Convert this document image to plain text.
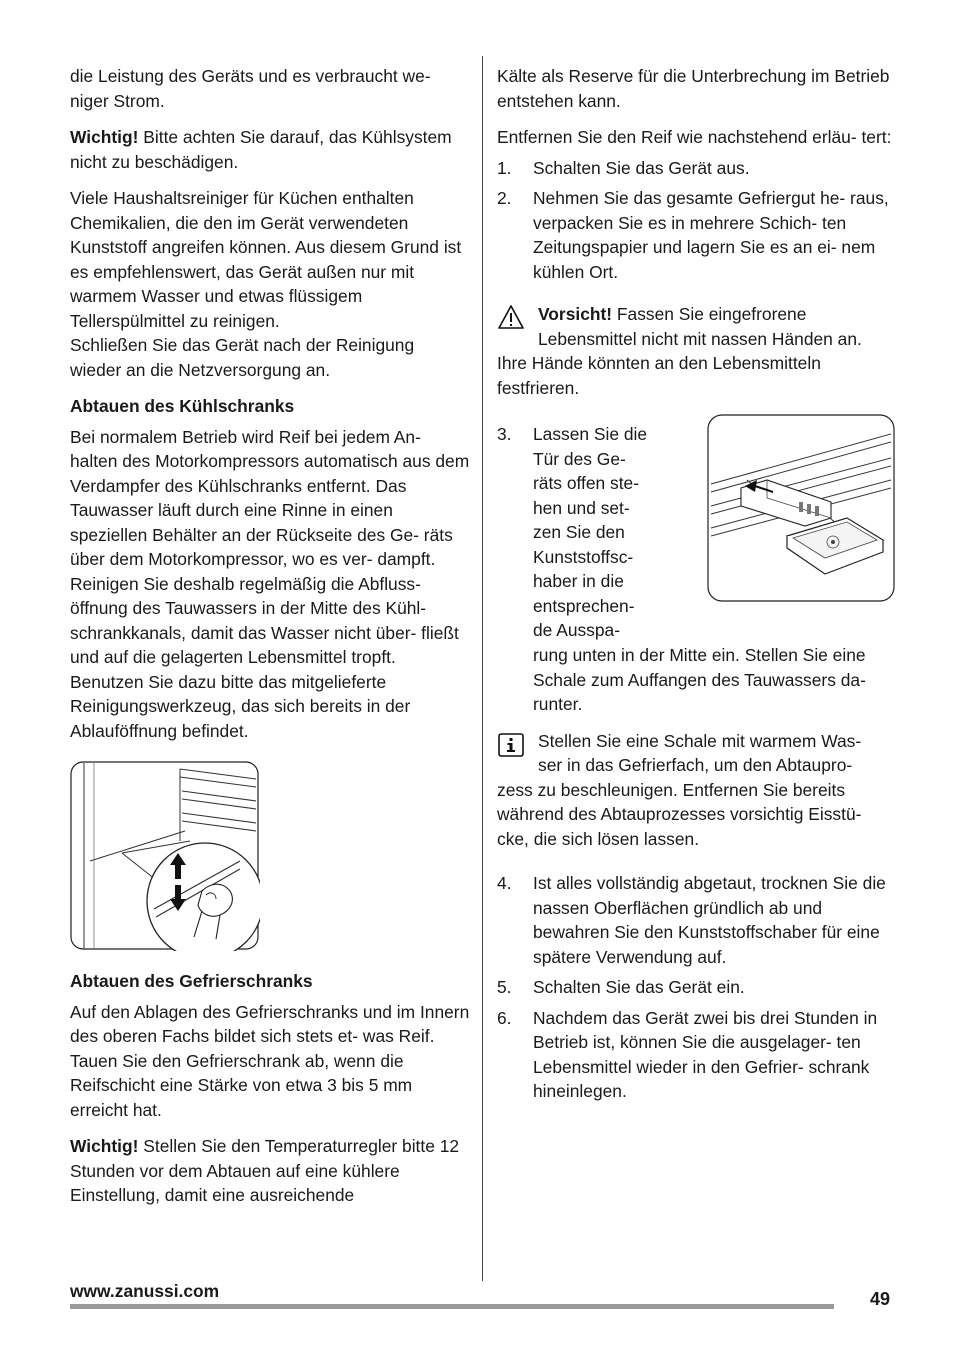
die Leistung des Geräts und es verbraucht we- niger Strom.

Wichtig! Bitte achten Sie darauf, das Kühlsystem nicht zu beschädigen.

Viele Haushaltsreiniger für Küchen enthalten Chemikalien, die den im Gerät verwendeten Kunststoff angreifen können. Aus diesem Grund ist es empfehlenswert, das Gerät außen nur mit warmem Wasser und etwas flüssigem Tellerspülmittel zu reinigen.

Schließen Sie das Gerät nach der Reinigung wieder an die Netzversorgung an.

Abtauen des Kühlschranks

Bei normalem Betrieb wird Reif bei jedem An- halten des Motorkompressors automatisch aus dem Verdampfer des Kühlschranks entfernt. Das Tauwasser läuft durch eine Rinne in einen speziellen Behälter an der Rückseite des Ge- räts über dem Motorkompressor, wo es ver- dampft.

Reinigen Sie deshalb regelmäßig die Abfluss- öffnung des Tauwassers in der Mitte des Kühl- schrankkanals, damit das Wasser nicht über- fließt und auf die gelagerten Lebensmittel tropft. Benutzen Sie dazu bitte das mitgelieferte Reinigungswerkzeug, das sich bereits in der Ablauföffnung befindet.

Abtauen des Gefrierschranks

Auf den Ablagen des Gefrierschranks und im Innern des oberen Fachs bildet sich stets et- was Reif.

Tauen Sie den Gefrierschrank ab, wenn die Reifschicht eine Stärke von etwa 3 bis 5 mm erreicht hat.

Wichtig! Stellen Sie den Temperaturregler bitte 12 Stunden vor dem Abtauen auf eine kühlere Einstellung, damit eine ausreichende

Kälte als Reserve für die Unterbrechung im Betrieb entstehen kann.

Entfernen Sie den Reif wie nachstehend erläu- tert:

1.	Schalten Sie das Gerät aus.
2.	Nehmen Sie das gesamte Gefriergut he- raus, verpacken Sie es in mehrere Schich- ten Zeitungspapier und lagern Sie es an ei- nem kühlen Ort.

Vorsicht! Fassen Sie eingefrorene

Lebensmittel nicht mit nassen Händen an.

Ihre Hände könnten an den Lebensmitteln festfrieren.

3. Lassen Sie die
Tür des Ge-
räts offen ste-
hen und set-
zen Sie den
Kunststoffsc-
haber in die
entsprechen-
de Ausspa-

rung unten in der Mitte ein. Stellen Sie eine Schale zum Auffangen des Tauwassers da- runter.

Stellen Sie eine Schale mit warmem Was-

ser in das Gefrierfach, um den Abtaupro-

zess zu beschleunigen. Entfernen Sie bereits während des Abtauprozesses vorsichtig Eisstü- cke, die sich lösen lassen.

4.	Ist alles vollständig abgetaut, trocknen Sie die nassen Oberflächen gründlich ab und bewahren Sie den Kunststoffschaber für eine spätere Verwendung auf.
5.	Schalten Sie das Gerät ein.
6.	Nachdem das Gerät zwei bis drei Stunden in Betrieb ist, können Sie die ausgelager- ten Lebensmittel wieder in den Gefrier- schrank hineinlegen.
www.zanussi.com	49
